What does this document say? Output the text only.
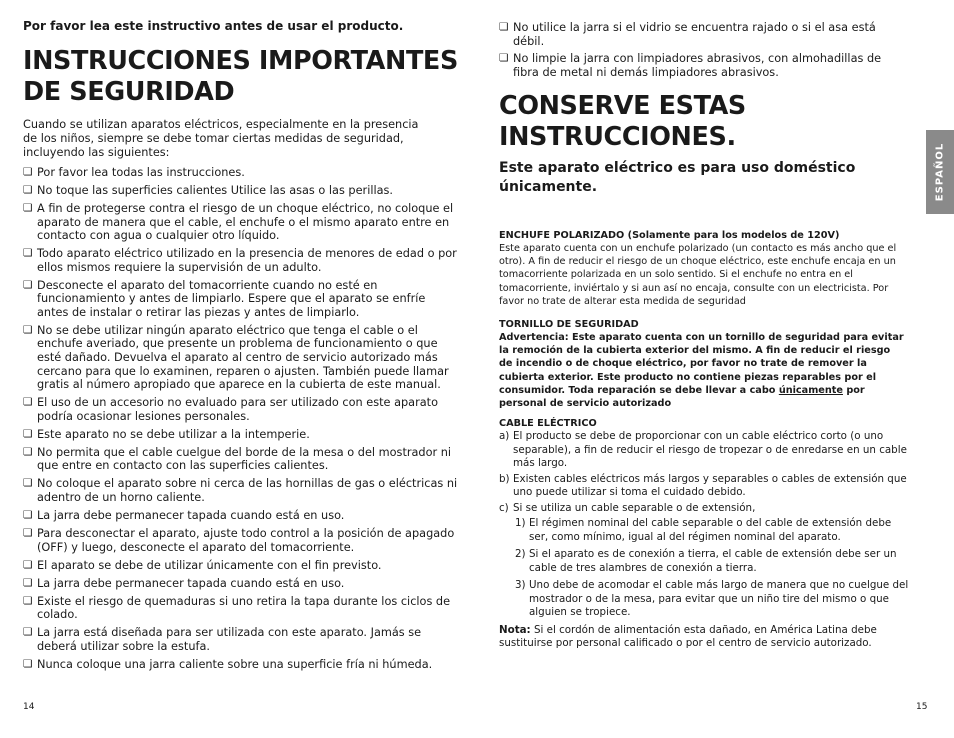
Por favor lea este instructivo antes de usar el producto.
INSTRUCCIONES IMPORTANTES
DE SEGURIDAD
Cuando se utilizan aparatos eléctricos, especialmente en la presencia de los niños, siempre se debe tomar ciertas medidas de seguridad, incluyendo las siguientes:
❏ Por favor lea todas las instrucciones.
❏ No toque las superficies calientes Utilice las asas o las perillas.
❏ A fin de protegerse contra el riesgo de un choque eléctrico, no coloque el aparato de manera que el cable, el enchufe o el mismo aparato entre en contacto con agua o cualquier otro líquido.
❏ Todo aparato eléctrico utilizado en la presencia de menores de edad o por ellos mismos requiere la supervisión de un adulto.
❏ Desconecte el aparato del tomacorriente cuando no esté en funcionamiento y antes de limpiarlo. Espere que el aparato se enfríe antes de instalar o retirar las piezas y antes de limpiarlo.
❏ No se debe utilizar ningún aparato eléctrico que tenga el cable o el enchufe averiado, que presente un problema de funcionamiento o que esté dañado. Devuelva el aparato al centro de servicio autorizado más cercano para que lo examinen, reparen o ajusten. También puede llamar gratis al número apropiado que aparece en la cubierta de este manual.
❏ El uso de un accesorio no evaluado para ser utilizado con este aparato podría ocasionar lesiones personales.
❏ Este aparato no se debe utilizar a la intemperie.
❏ No permita que el cable cuelgue del borde de la mesa o del mostrador ni que entre en contacto con las superficies calientes.
❏ No coloque el aparato sobre ni cerca de las hornillas de gas o eléctricas ni adentro de un horno caliente.
❏ La jarra debe permanecer tapada cuando está en uso.
❏ Para desconectar el aparato, ajuste todo control a la posición de apagado (OFF) y luego, desconecte el aparato del tomacorriente.
❏ El aparato se debe de utilizar únicamente con el fin previsto.
❏ La jarra debe permanecer tapada cuando está en uso.
❏ Existe el riesgo de quemaduras si uno retira la tapa durante los ciclos de colado.
❏ La jarra está diseñada para ser utilizada con este aparato. Jamás se deberá utilizar sobre la estufa.
❏ Nunca coloque una jarra caliente sobre una superficie fría ni húmeda.
14
❏ No utilice la jarra si el vidrio se encuentra rajado o si el asa está débil.
❏ No limpie la jarra con limpiadores abrasivos, con almohadillas de fibra de metal ni demás limpiadores abrasivos.
CONSERVE ESTAS
INSTRUCCIONES.
Este aparato eléctrico es para uso doméstico únicamente.
ENCHUFE POLARIZADO (Solamente para los modelos de 120V)
Este aparato cuenta con un enchufe polarizado (un contacto es más ancho que el otro). A fin de reducir el riesgo de un choque eléctrico, este enchufe encaja en un tomacorriente polarizada en un solo sentido. Si el enchufe no entra en el tomacorriente, inviértalo y si aun así no encaja, consulte con un electricista. Por favor no trate de alterar esta medida de seguridad
TORNILLO DE SEGURIDAD
Advertencia: Este aparato cuenta con un tornillo de seguridad para evitar la remoción de la cubierta exterior del mismo. A fin de reducir el riesgo de incendio o de choque eléctrico, por favor no trate de remover la cubierta exterior. Este producto no contiene piezas reparables por el consumidor. Toda reparación se debe llevar a cabo únicamente por personal de servicio autorizado
CABLE ELÉCTRICO
a) El producto se debe de proporcionar con un cable eléctrico corto (o uno separable), a fin de reducir el riesgo de tropezar o de enredarse en un cable más largo.
b) Existen cables eléctricos más largos y separables o cables de extensión que uno puede utilizar si toma el cuidado debido.
c) Si se utiliza un cable separable o de extensión,
1) El régimen nominal del cable separable o del cable de extensión debe ser, como mínimo, igual al del régimen nominal del aparato.
2) Si el aparato es de conexión a tierra, el cable de extensión debe ser un cable de tres alambres de conexión a tierra.
3) Uno debe de acomodar el cable más largo de manera que no cuelgue del mostrador o de la mesa, para evitar que un niño tire del mismo o que alguien se tropiece.
Nota: Si el cordón de alimentación esta dañado, en América Latina debe sustituirse por personal calificado o por el centro de servicio autorizado.
ESPAÑOL
15
